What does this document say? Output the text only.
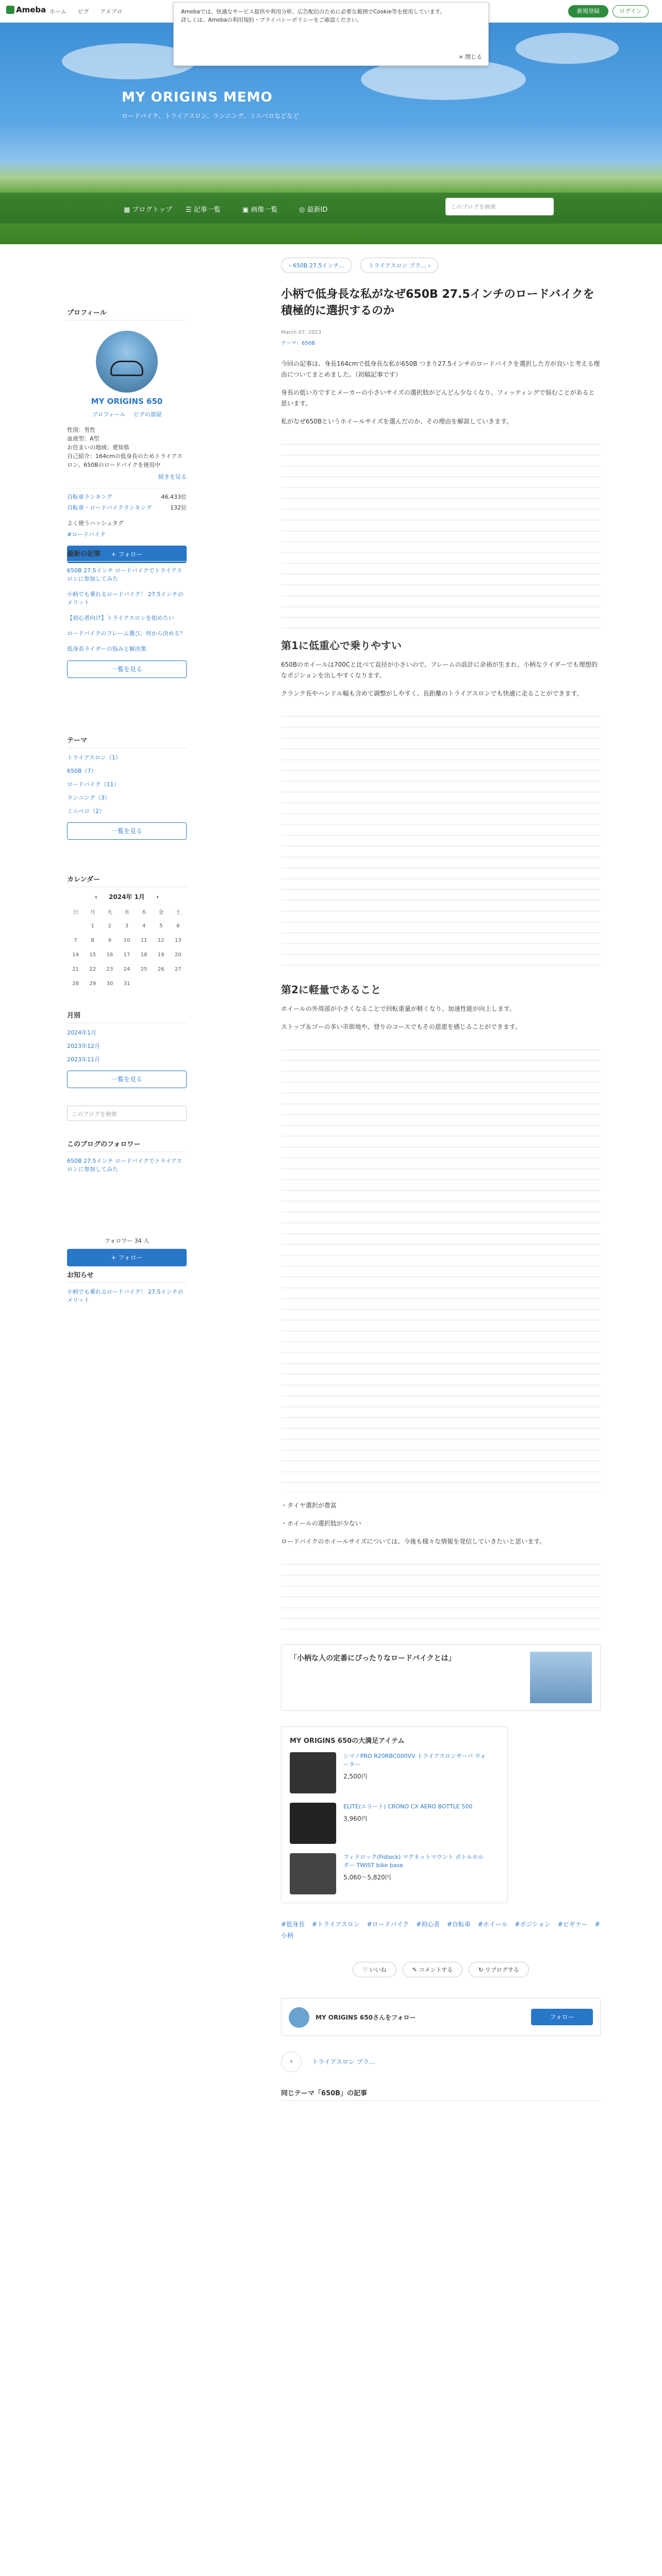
Ameba ホーム ピグ アメブロ	新規登録	ログイン
MY ORIGINS MEMO
ロードバイク、トライアスロン、ランニング、ミニベロなどなど
▦ ブログトップ ☰ 記事一覧	▣ 画像一覧	◎ 最新ID	このブログを検索
Amebaでは、快適なサービス提供や利用分析、広告配信のために必要な範囲でCookie等を使用しています。
詳しくは、Amebaの利用規約・プライバシーポリシーをご確認ください。
× 閉じる
プロフィール
MY ORIGINS 650
プロフィール ピグの部屋
性別：男性
血液型：A型
お住まいの地域：愛知県
自己紹介：164cmの低身長のためトライアスロン、650Bのロードバイクを使用中
続きを見る
自転車ランキング	46,433位
自転車・ロードバイクランキング	132位
よく使うハッシュタグ
#ロードバイク
+ フォロー
最新の記事
650B 27.5インチ ロードバイクでトライアスロンに参加してみた
小柄でも乗れるロードバイク！ 27.5インチのメリット
【初心者向け】トライアスロンを始めたい
ロードバイクのフレーム選び、何から決める？
低身長ライダーの悩みと解決策
一覧を見る
テーマ
トライアスロン（1）
650B（7）
ロードバイク（11）
ランニング（3）
ミニベロ（2）
一覧を見る
カレンダー
‹ 2024年 1月 ›
日	月	火	水	木	金	土
	1	2	3	4	5	6
7	8	9	10	11	12	13
14	15	16	17	18	19	20
21	22	23	24	25	26	27
28	29	30	31			
月別
2024年1月
2023年12月
2023年11月
一覧を見る
このブログを検索
このブログのフォロワー
650B 27.5インチ ロードバイクでトライアスロンに参加してみた
フォロワー 34 人
+ フォロー
お知らせ
小柄でも乗れるロードバイク！ 27.5インチのメリット
‹ 650B 27.5インチ…	トライアスロン ブラ… ›
小柄で低身長な私がなぜ650B 27.5インチのロードバイクを積極的に選択するのか
March 07, 2023
テーマ：650B
今回の記事は、身長164cmで低身長な私が650B つまり27.5インチのロードバイクを選択した方が良いと考える理由についてまとめました。（初稿記事です）
身長の低い方ですとメーカーの小さいサイズの選択肢がどんどん少なくなり、フィッティングで悩むことがあると思います。
私がなぜ650Bというホイールサイズを選んだのか、その理由を解説していきます。
第1に低重心で乗りやすい
650Bのホイールは700Cと比べて直径が小さいので、フレームの設計に余裕が生まれ、小柄なライダーでも理想的なポジションを出しやすくなります。
クランク長やハンドル幅も含めて調整がしやすく、長距離のトライアスロンでも快適に走ることができます。
第2に軽量であること
ホイールの外周部が小さくなることで回転重量が軽くなり、加速性能が向上します。
ストップ＆ゴーの多い市街地や、登りのコースでもその恩恵を感じることができます。
・タイヤ選択が豊富
・ホイールの選択肢が少ない
ロードバイクのホイールサイズについては、今後も様々な情報を発信していきたいと思います。
「小柄な人の定番にぴったりなロードバイクとは」
MY ORIGINS 650の大満足アイテム
シマノPRO R20RBC000VV トライアスロンサーバ ウォーター
2,500円
ELITE(エリート) CRONO CX AERO BOTTLE 500
3,960円
フィドロック(Fidlock) マグネットマウント ボトルホルダー TWIST bike base
5,060〜5,820円
#低身長 #トライアスロン #ロードバイク #初心者 #自転車 #ホイール #ポジション #ビギナー #小柄
♡ いいね	✎ コメントする	↻ リブログする
MY ORIGINS 650さんをフォロー	フォロー
‹	トライアスロン ブラ…
同じテーマ「650B」の記事
